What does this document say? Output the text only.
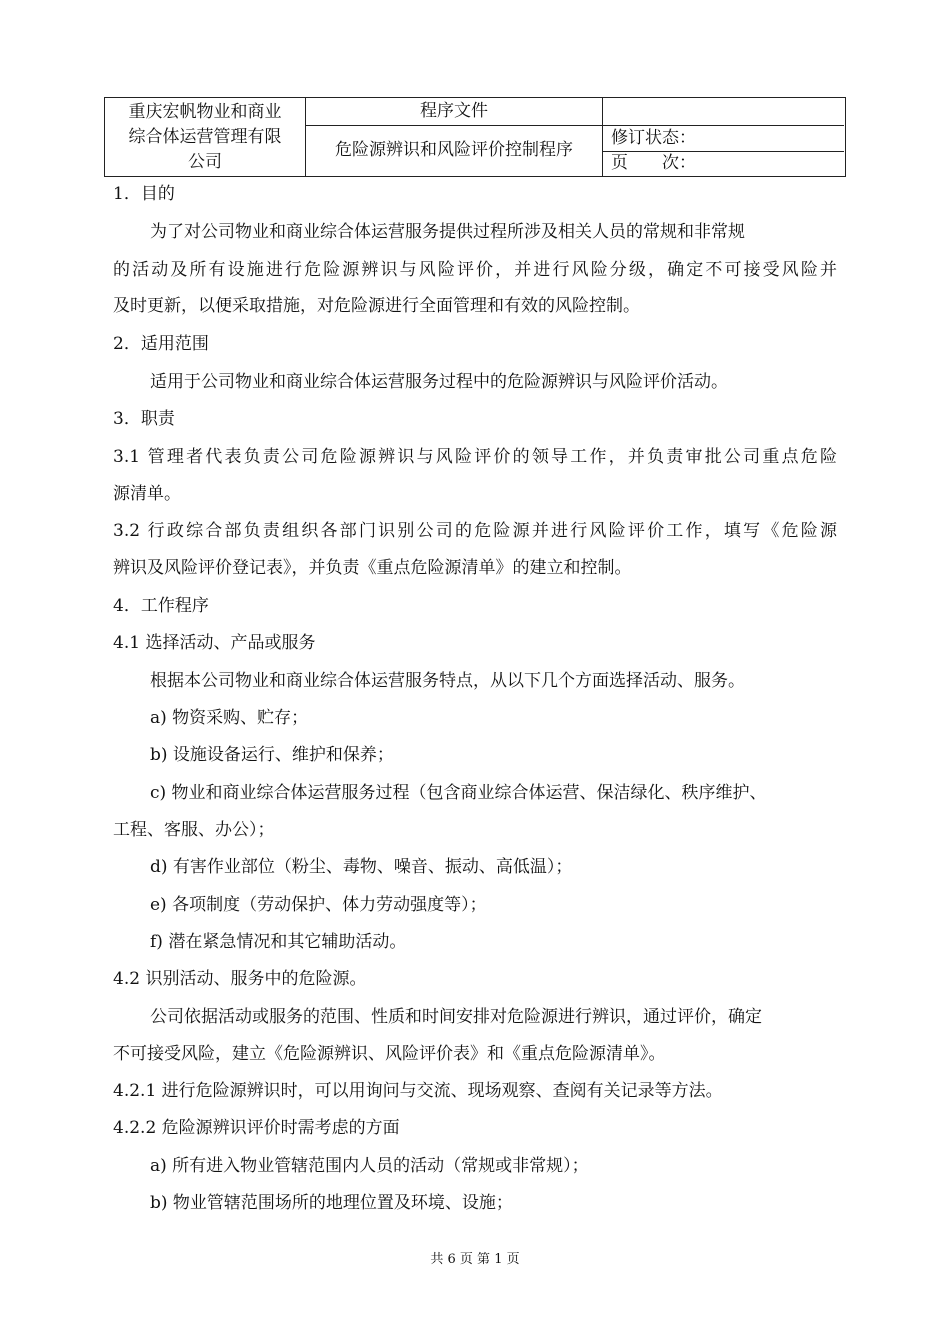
重庆宏帆物业和商业
综合体运营管理有限
公司
程序文件
危险源辨识和风险评价控制程序
修订状态：
页 次：
1．目的
为了对公司物业和商业综合体运营服务提供过程所涉及相关人员的常规和非常规
的活动及所有设施进行危险源辨识与风险评价，并进行风险分级，确定不可接受风险并
及时更新，以便采取措施，对危险源进行全面管理和有效的风险控制。
2．适用范围
适用于公司物业和商业综合体运营服务过程中的危险源辨识与风险评价活动。
3．职责
3.1 管理者代表负责公司危险源辨识与风险评价的领导工作，并负责审批公司重点危险
源清单。
3.2 行政综合部负责组织各部门识别公司的危险源并进行风险评价工作，填写《危险源
辨识及风险评价登记表》，并负责《重点危险源清单》的建立和控制。
4．工作程序
4.1 选择活动、产品或服务
根据本公司物业和商业综合体运营服务特点，从以下几个方面选择活动、服务。
a) 物资采购、贮存；
b) 设施设备运行、维护和保养；
c) 物业和商业综合体运营服务过程（包含商业综合体运营、保洁绿化、秩序维护、
工程、客服、办公）；
d) 有害作业部位（粉尘、毒物、噪音、振动、高低温）；
e) 各项制度（劳动保护、体力劳动强度等）；
f) 潜在紧急情况和其它辅助活动。
4.2 识别活动、服务中的危险源。
公司依据活动或服务的范围、性质和时间安排对危险源进行辨识，通过评价，确定
不可接受风险，建立《危险源辨识、风险评价表》和《重点危险源清单》。
4.2.1 进行危险源辨识时，可以用询问与交流、现场观察、查阅有关记录等方法。
4.2.2 危险源辨识评价时需考虑的方面
a) 所有进入物业管辖范围内人员的活动（常规或非常规）；
b) 物业管辖范围场所的地理位置及环境、设施；
共 6 页 第 1 页
